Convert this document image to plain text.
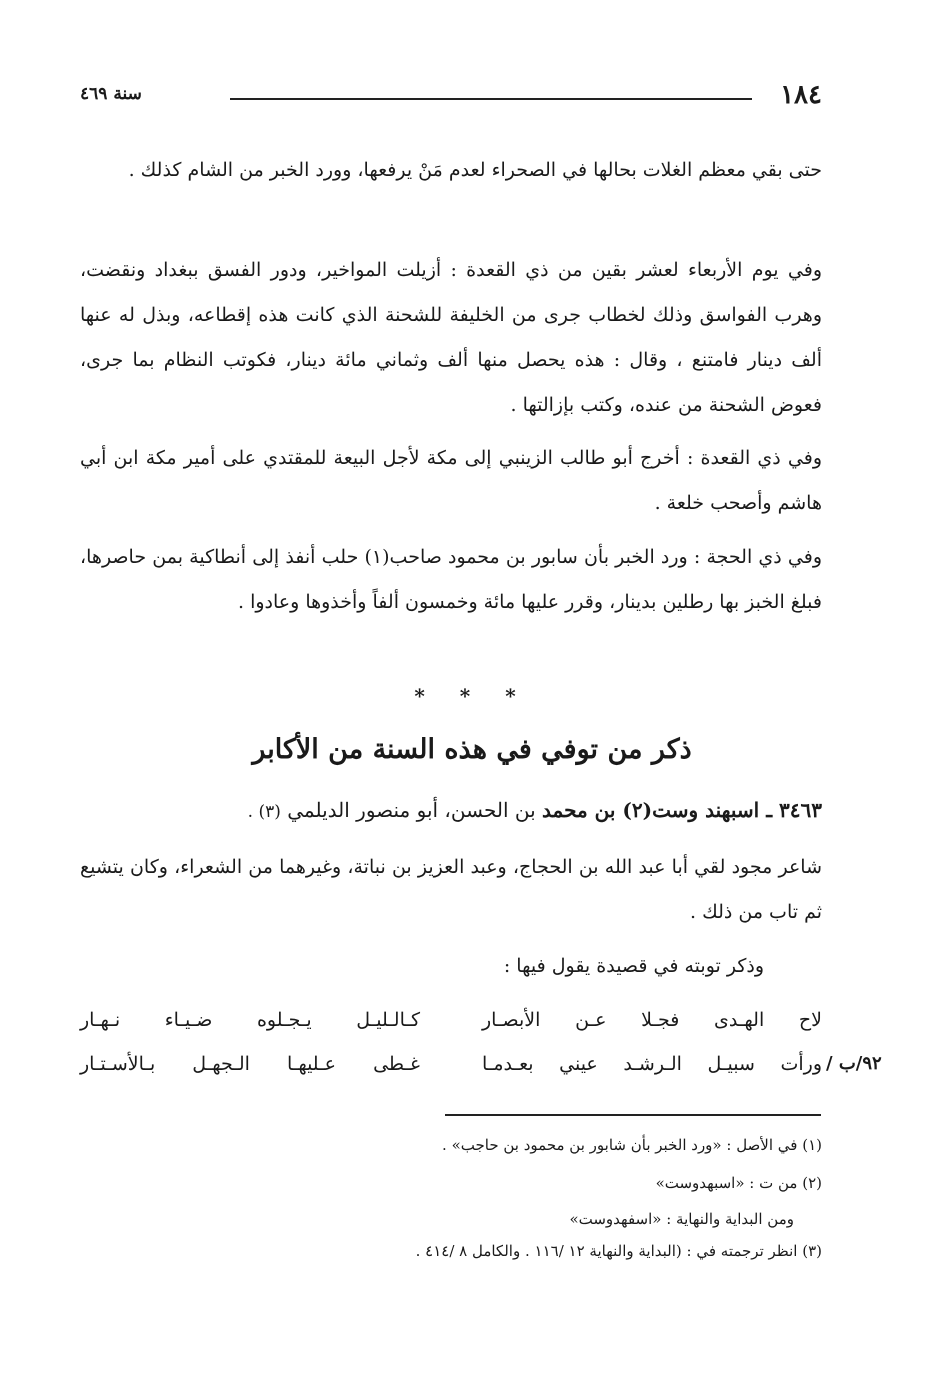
١٨٤
سنة ٤٦٩

حتى بقي معظم الغلات بحالها في الصحراء لعدم مَنْ يرفعها، وورد الخبر من الشام كذلك .

وفي يوم الأربعاء لعشر بقين من ذي القعدة : أزيلت المواخير، ودور الفسق ببغداد ونقضت، وهرب الفواسق وذلك لخطاب جرى من الخليفة للشحنة الذي كانت هذه إقطاعه، وبذل له عنها ألف دينار فامتنع ، وقال : هذه يحصل منها ألف وثماني مائة دينار، فكوتب النظام بما جرى، فعوض الشحنة من عنده، وكتب بإزالتها .

وفي ذي القعدة : أخرج أبو طالب الزينبي إلى مكة لأجل البيعة للمقتدي على أمير مكة ابن أبي هاشم وأصحب خلعة .

وفي ذي الحجة : ورد الخبر بأن سابور بن محمود صاحب(١) حلب أنفذ إلى أنطاكية بمن حاصرها، فبلغ الخبز بها رطلين بدينار، وقرر عليها مائة وخمسون ألفاً وأخذوها وعادوا .

* * *
ذكر من توفي في هذه السنة من الأكابر
٣٤٦٣ ـ اسبهند وست(٢) بن محمد بن الحسن، أبو منصور الديلمي (٣) .

شاعر مجود لقي أبا عبد الله بن الحجاج، وعبد العزيز بن نباتة، وغيرهما من الشعراء، وكان يتشيع ثم تاب من ذلك .

وذكر توبته في قصيدة يقول فيها :

لاح الهـدى فجـلا عـن الأبصـار
كـالـليـل يـجـلوه ضـيـاء نـهـار
ورأت سبيـل الـرشـد عيني بعـدمـا
غـطى عـليهـا الـجهـل بـالأسـتـار	٩٢/ب /
(١) في الأصل : «ورد الخبر بأن شابور بن محمود بن حاجب» .
(٢) من ت : «اسبهدوست»
ومن البداية والنهاية : «اسفهدوست»
(٣) انظر ترجمته في : (البداية والنهاية ١٢ /١١٦ . والكامل ٨ /٤١٤ .
